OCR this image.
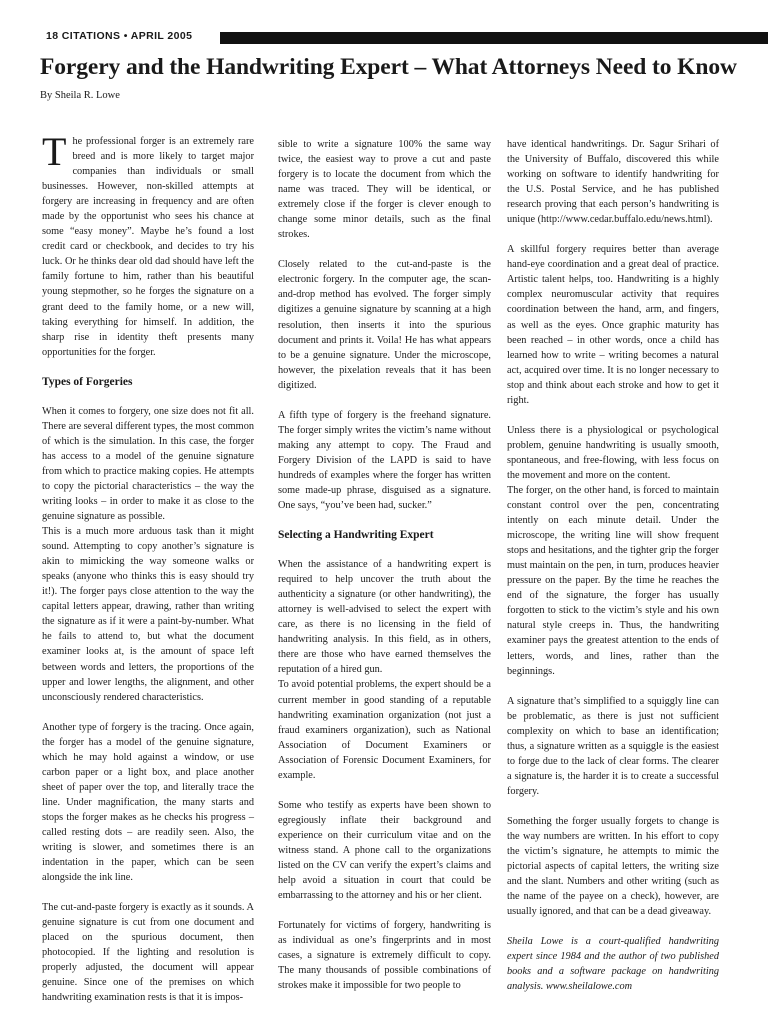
18 CITATIONS • APRIL 2005
Forgery and the Handwriting Expert – What Attorneys Need to Know
By Sheila R. Lowe

The professional forger is an extremely rare breed and is more likely to target major companies than individuals or small businesses. However, non-skilled attempts at forgery are increasing in frequency and are often made by the opportunist who sees his chance at some “easy money”. Maybe he’s found a lost credit card or checkbook, and decides to try his luck. Or he thinks dear old dad should have left the family fortune to him, rather than his beautiful young stepmother, so he forges the signature on a grant deed to the family home, or a new will, taking everything for himself. In addition, the sharp rise in identity theft presents many opportunities for the forger.

Types of Forgeries

When it comes to forgery, one size does not fit all. There are several different types, the most common of which is the simulation. In this case, the forger has access to a model of the genuine signature from which to practice making copies. He attempts to copy the pictorial characteristics – the way the writing looks – in order to make it as close to the genuine signature as possible.

This is a much more arduous task than it might sound. Attempting to copy another’s signature is akin to mimicking the way someone walks or speaks (anyone who thinks this is easy should try it!). The forger pays close attention to the way the capital letters appear, drawing, rather than writing the signature as if it were a paint-by-number. What he fails to attend to, but what the document examiner looks at, is the amount of space left between words and letters, the proportions of the upper and lower lengths, the alignment, and other unconsciously rendered characteristics.

Another type of forgery is the tracing. Once again, the forger has a model of the genuine signature, which he may hold against a window, or use carbon paper or a light box, and place another sheet of paper over the top, and literally trace the line. Under magnification, the many starts and stops the forger makes as he checks his progress – called resting dots – are readily seen. Also, the writing is slower, and sometimes there is an indentation in the paper, which can be seen alongside the ink line.

The cut-and-paste forgery is exactly as it sounds. A genuine signature is cut from one document and placed on the spurious document, then photocopied. If the lighting and resolution is properly adjusted, the document will appear genuine. Since one of the premises on which handwriting examination rests is that it is impos-

sible to write a signature 100% the same way twice, the easiest way to prove a cut and paste forgery is to locate the document from which the name was traced. They will be identical, or extremely close if the forger is clever enough to change some minor details, such as the final strokes.

Closely related to the cut-and-paste is the electronic forgery. In the computer age, the scan-and-drop method has evolved. The forger simply digitizes a genuine signature by scanning at a high resolution, then inserts it into the spurious document and prints it. Voila! He has what appears to be a genuine signature. Under the microscope, however, the pixelation reveals that it has been digitized.

A fifth type of forgery is the freehand signature. The forger simply writes the victim’s name without making any attempt to copy. The Fraud and Forgery Division of the LAPD is said to have hundreds of examples where the forger has written some made-up phrase, disguised as a signature. One says, “you’ve been had, sucker.”

Selecting a Handwriting Expert

When the assistance of a handwriting expert is required to help uncover the truth about the authenticity a signature (or other handwriting), the attorney is well-advised to select the expert with care, as there is no licensing in the field of handwriting analysis. In this field, as in others, there are those who have earned themselves the reputation of a hired gun.

To avoid potential problems, the expert should be a current member in good standing of a reputable handwriting examination organization (not just a fraud examiners organization), such as National Association of Document Examiners or Association of Forensic Document Examiners, for example.

Some who testify as experts have been shown to egregiously inflate their background and experience on their curriculum vitae and on the witness stand. A phone call to the organizations listed on the CV can verify the expert’s claims and help avoid a situation in court that could be embarrassing to the attorney and his or her client.

Fortunately for victims of forgery, handwriting is as individual as one’s fingerprints and in most cases, a signature is extremely difficult to copy. The many thousands of possible combinations of strokes make it impossible for two people to

have identical handwritings. Dr. Sagur Srihari of the University of Buffalo, discovered this while working on software to identify handwriting for the U.S. Postal Service, and he has published research proving that each person’s handwriting is unique (http://www.cedar.buffalo.edu/news.html).

A skillful forgery requires better than average hand-eye coordination and a great deal of practice. Artistic talent helps, too. Handwriting is a highly complex neuromuscular activity that requires coordination between the hand, arm, and fingers, as well as the eyes. Once graphic maturity has been reached – in other words, once a child has learned how to write – writing becomes a natural act, acquired over time. It is no longer necessary to stop and think about each stroke and how to get it right.

Unless there is a physiological or psychological problem, genuine handwriting is usually smooth, spontaneous, and free-flowing, with less focus on the movement and more on the content.

The forger, on the other hand, is forced to maintain constant control over the pen, concentrating intently on each minute detail. Under the microscope, the writing line will show frequent stops and hesitations, and the tighter grip the forger must maintain on the pen, in turn, produces heavier pressure on the paper. By the time he reaches the end of the signature, the forger has usually forgotten to stick to the victim’s style and his own natural style creeps in. Thus, the handwriting examiner pays the greatest attention to the ends of letters, words, and lines, rather than the beginnings.

A signature that’s simplified to a squiggly line can be problematic, as there is just not sufficient complexity on which to base an identification; thus, a signature written as a squiggle is the easiest to forge due to the lack of clear forms. The clearer a signature is, the harder it is to create a successful forgery.

Something the forger usually forgets to change is the way numbers are written. In his effort to copy the victim’s signature, he attempts to mimic the pictorial aspects of capital letters, the writing size and the slant. Numbers and other writing (such as the name of the payee on a check), however, are usually ignored, and that can be a dead giveaway.

Sheila Lowe is a court-qualified handwriting expert since 1984 and the author of two published books and a software package on handwriting analysis. www.sheilalowe.com
